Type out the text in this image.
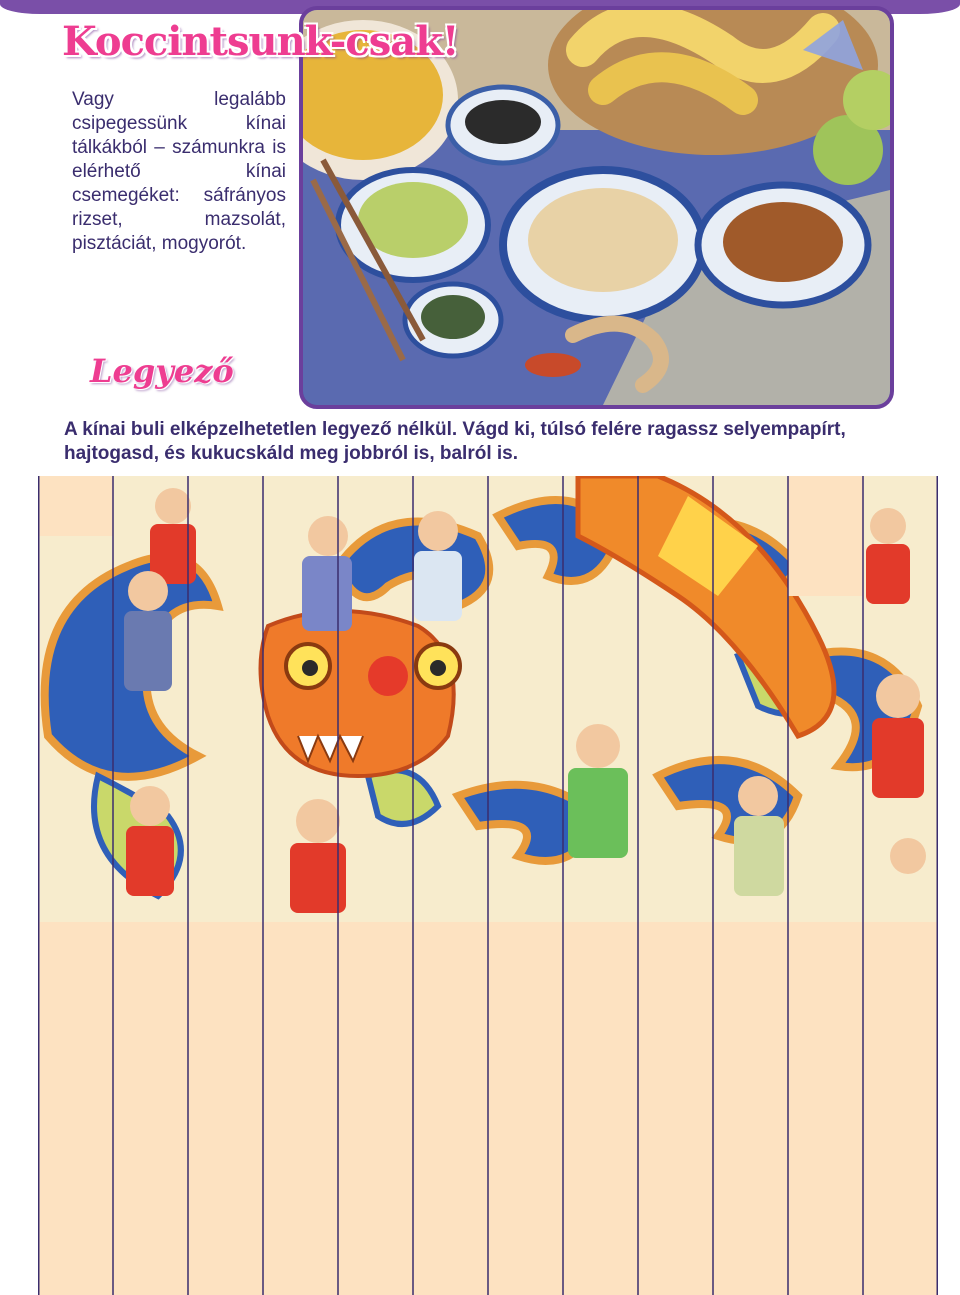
Koccintsunk-csak!

Vagy legalább csipegessünk kínai tálkákból – számunkra is elérhető kínai csemegéket: sáfrányos rizset, mazsolát, pisztáciát, mogyorót.

Legyező

A kínai buli elképzelhetetlen legyező nélkül. Vágd ki, túlsó felére ragassz selyempapírt, hajtogasd, és kukucskáld meg jobbról is, balról is.
